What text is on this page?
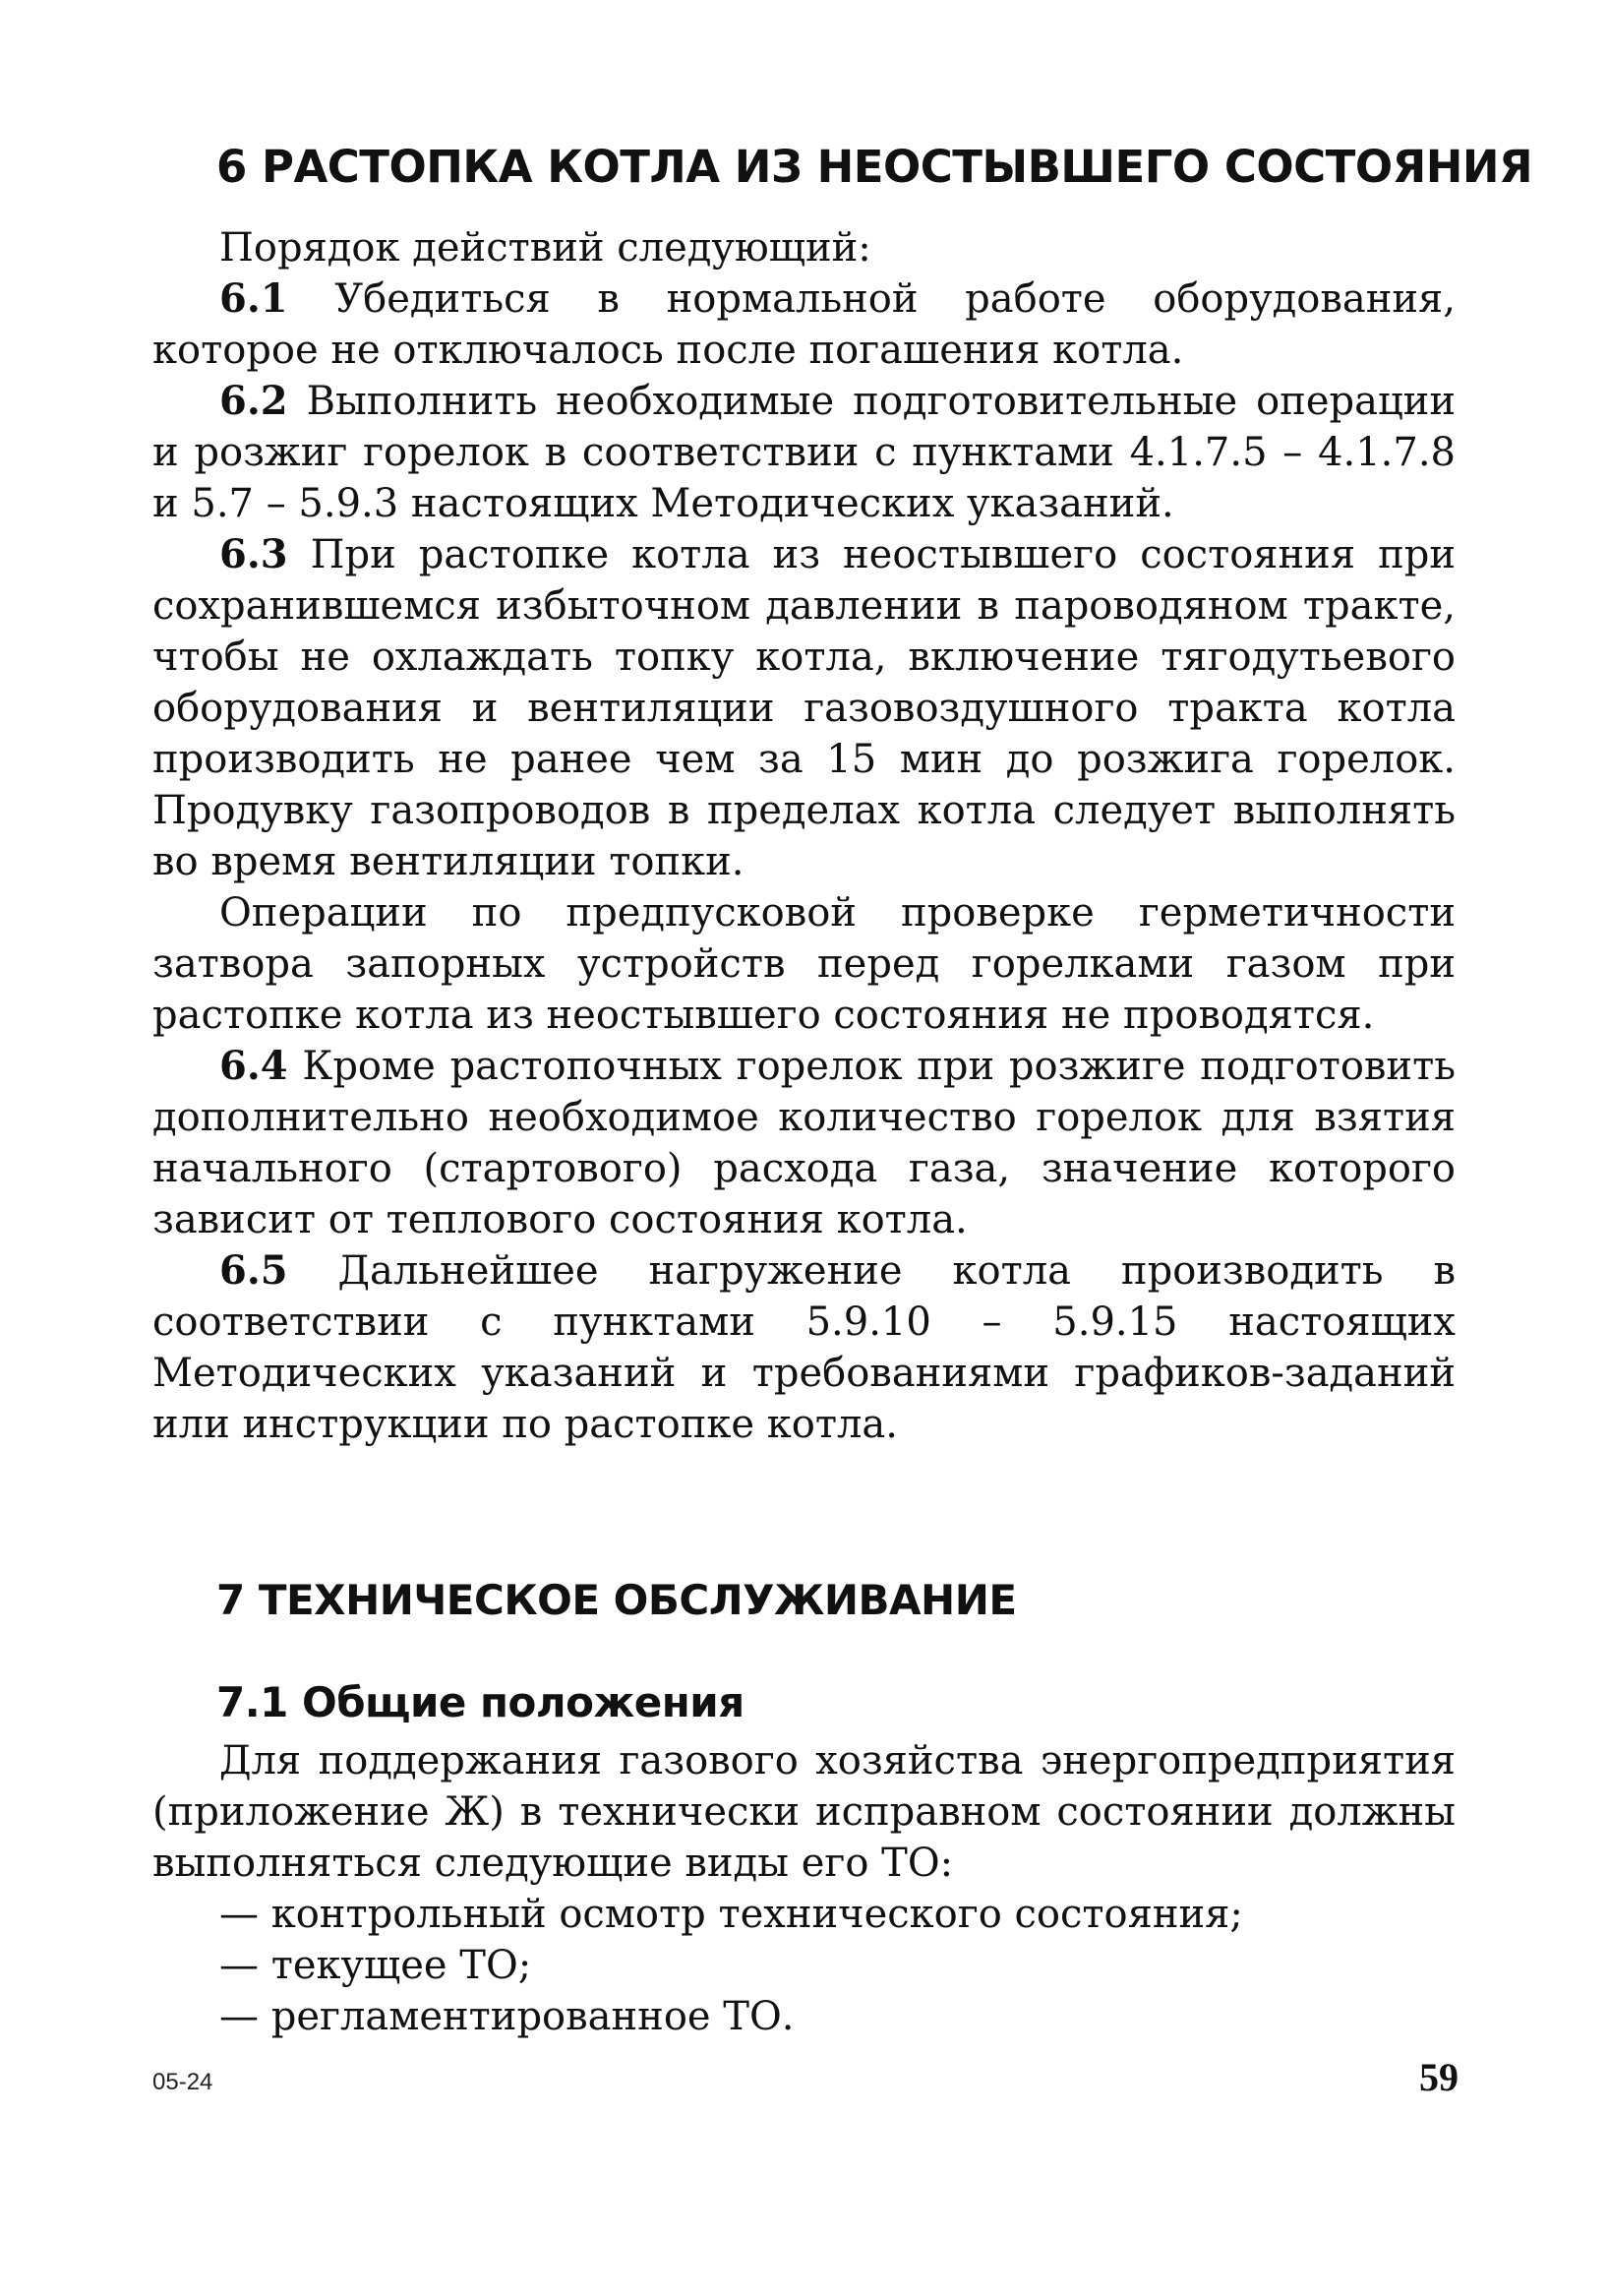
6 РАСТОПКА КОТЛА ИЗ НЕОСТЫВШЕГО СОСТОЯНИЯ

Порядок действий следующий:

6.1 Убедиться в нормальной работе оборудования, которое не отключалось после погашения котла.

6.2 Выполнить необходимые подготовительные операции и розжиг горелок в соответствии с пунктами 4.1.7.5 – 4.1.7.8 и 5.7 – 5.9.3 настоящих Методических указаний.

6.3 При растопке котла из неостывшего состояния при сохранившемся избыточном давлении в пароводяном тракте, чтобы не охлаждать топку котла, включение тягодутьевого оборудования и вентиляции газовоздушного тракта котла производить не ранее чем за 15 мин до розжига горелок. Продувку газопроводов в пределах котла следует выполнять во время вентиляции топки.

Операции по предпусковой проверке герметичности затвора запорных устройств перед горелками газом при растопке котла из неостывшего состояния не проводятся.

6.4 Кроме растопочных горелок при розжиге подготовить дополнительно необходимое количество горелок для взятия начального (стартового) расхода газа, значение которого зависит от теплового состояния котла.

6.5 Дальнейшее нагружение котла производить в соответствии с пунктами 5.9.10 – 5.9.15 настоящих Методических указаний и требованиями графиков-заданий или инструкции по растопке котла.

7 ТЕХНИЧЕСКОЕ ОБСЛУЖИВАНИЕ
7.1 Общие положения

Для поддержания газового хозяйства энергопредприятия (приложение Ж) в технически исправном состоянии должны выполняться следующие виды его ТО:

— контрольный осмотр технического состояния;

— текущее ТО;

— регламентированное ТО.

05-24	59
